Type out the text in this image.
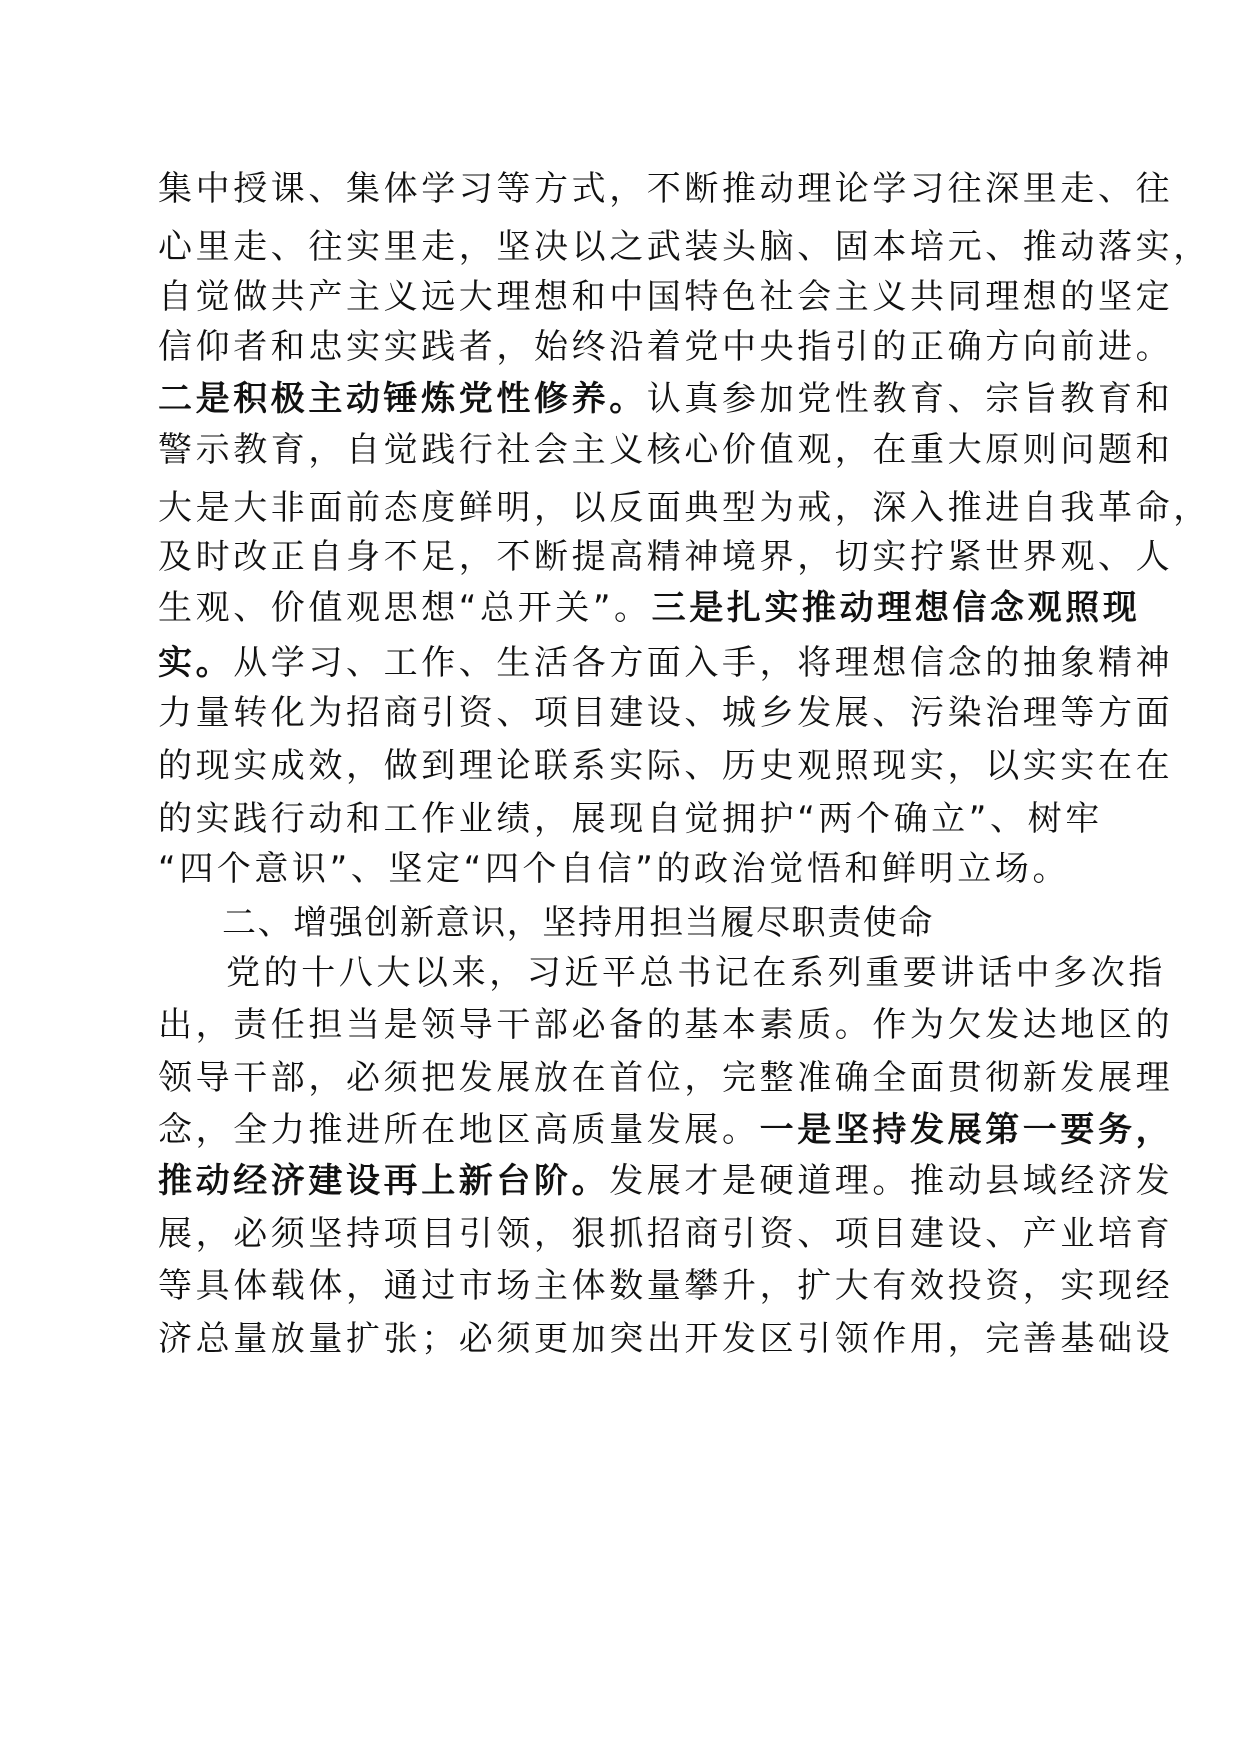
集中授课、集体学习等方式，不断推动理论学习往深里走、往
心里走、往实里走，坚决以之武装头脑、固本培元、推动落实，
自觉做共产主义远大理想和中国特色社会主义共同理想的坚定
信仰者和忠实实践者，始终沿着党中央指引的正确方向前进。
二是积极主动锤炼党性修养。认真参加党性教育、宗旨教育和
警示教育，自觉践行社会主义核心价值观，在重大原则问题和
大是大非面前态度鲜明，以反面典型为戒，深入推进自我革命，
及时改正自身不足，不断提高精神境界，切实拧紧世界观、人
生观、价值观思想“总开关”。三是扎实推动理想信念观照现
实。从学习、工作、生活各方面入手，将理想信念的抽象精神
力量转化为招商引资、项目建设、城乡发展、污染治理等方面
的现实成效，做到理论联系实际、历史观照现实，以实实在在
的实践行动和工作业绩，展现自觉拥护“两个确立”、树牢
“四个意识”、坚定“四个自信”的政治觉悟和鲜明立场。
二、增强创新意识，坚持用担当履尽职责使命
党的十八大以来，习近平总书记在系列重要讲话中多次指
出，责任担当是领导干部必备的基本素质。作为欠发达地区的
领导干部，必须把发展放在首位，完整准确全面贯彻新发展理
念，全力推进所在地区高质量发展。一是坚持发展第一要务，
推动经济建设再上新台阶。发展才是硬道理。推动县域经济发
展，必须坚持项目引领，狠抓招商引资、项目建设、产业培育
等具体载体，通过市场主体数量攀升，扩大有效投资，实现经
济总量放量扩张；必须更加突出开发区引领作用，完善基础设
